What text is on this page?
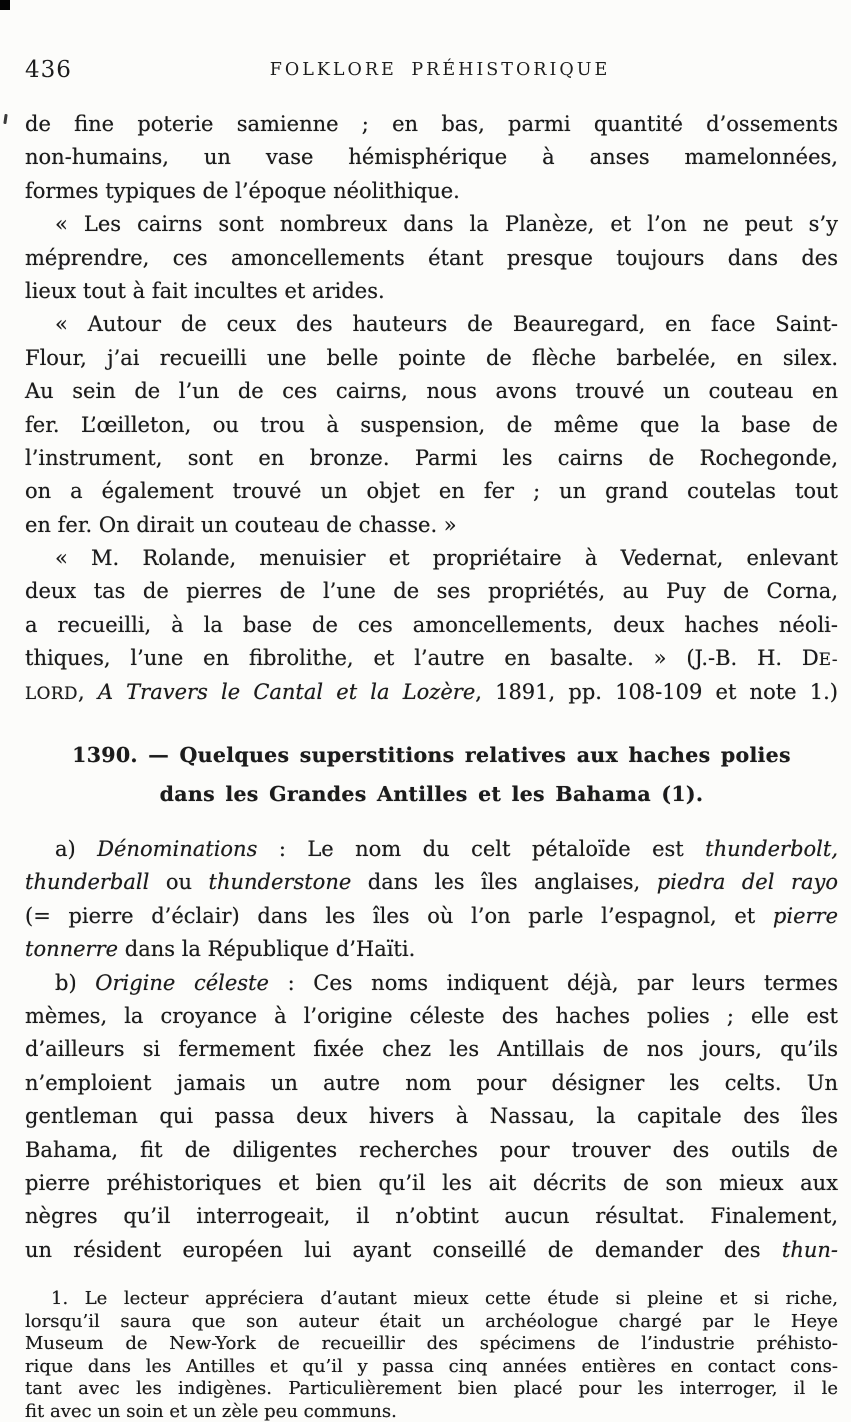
436	FOLKLORE PRÉHISTORIQUE
de fine poterie samienne ; en bas, parmi quantité d’ossements
non-humains, un vase hémisphérique à anses mamelonnées,
formes typiques de l’époque néolithique.
« Les cairns sont nombreux dans la Planèze, et l’on ne peut s’y
méprendre, ces amoncellements étant presque toujours dans des
lieux tout à fait incultes et arides.
« Autour de ceux des hauteurs de Beauregard, en face Saint-
Flour, j’ai recueilli une belle pointe de flèche barbelée, en silex.
Au sein de l’un de ces cairns, nous avons trouvé un couteau en
fer. L’œilleton, ou trou à suspension, de même que la base de
l’instrument, sont en bronze. Parmi les cairns de Rochegonde,
on a également trouvé un objet en fer ; un grand coutelas tout
en fer. On dirait un couteau de chasse. »
« M. Rolande, menuisier et propriétaire à Vedernat, enlevant
deux tas de pierres de l’une de ses propriétés, au Puy de Corna,
a recueilli, à la base de ces amoncellements, deux haches néoli-
thiques, l’une en fibrolithe, et l’autre en basalte. » (J.-B. H. DE-
LORD, A Travers le Cantal et la Lozère, 1891, pp. 108-109 et note 1.)
1390. — Quelques superstitions relatives aux haches polies
dans les Grandes Antilles et les Bahama (1).
a) Dénominations : Le nom du celt pétaloïde est thunderbolt,
thunderball ou thunderstone dans les îles anglaises, piedra del rayo
(= pierre d’éclair) dans les îles où l’on parle l’espagnol, et pierre
tonnerre dans la République d’Haïti.
b) Origine céleste : Ces noms indiquent déjà, par leurs termes
mèmes, la croyance à l’origine céleste des haches polies ; elle est
d’ailleurs si fermement fixée chez les Antillais de nos jours, qu’ils
n’emploient jamais un autre nom pour désigner les celts. Un
gentleman qui passa deux hivers à Nassau, la capitale des îles
Bahama, fit de diligentes recherches pour trouver des outils de
pierre préhistoriques et bien qu’il les ait décrits de son mieux aux
nègres qu’il interrogeait, il n’obtint aucun résultat. Finalement,
un résident européen lui ayant conseillé de demander des thun-
1. Le lecteur appréciera d’autant mieux cette étude si pleine et si riche,
lorsqu’il saura que son auteur était un archéologue chargé par le Heye
Museum de New-York de recueillir des spécimens de l’industrie préhisto-
rique dans les Antilles et qu’il y passa cinq années entières en contact cons-
tant avec les indigènes. Particulièrement bien placé pour les interroger, il le
fit avec un soin et un zèle peu communs.
